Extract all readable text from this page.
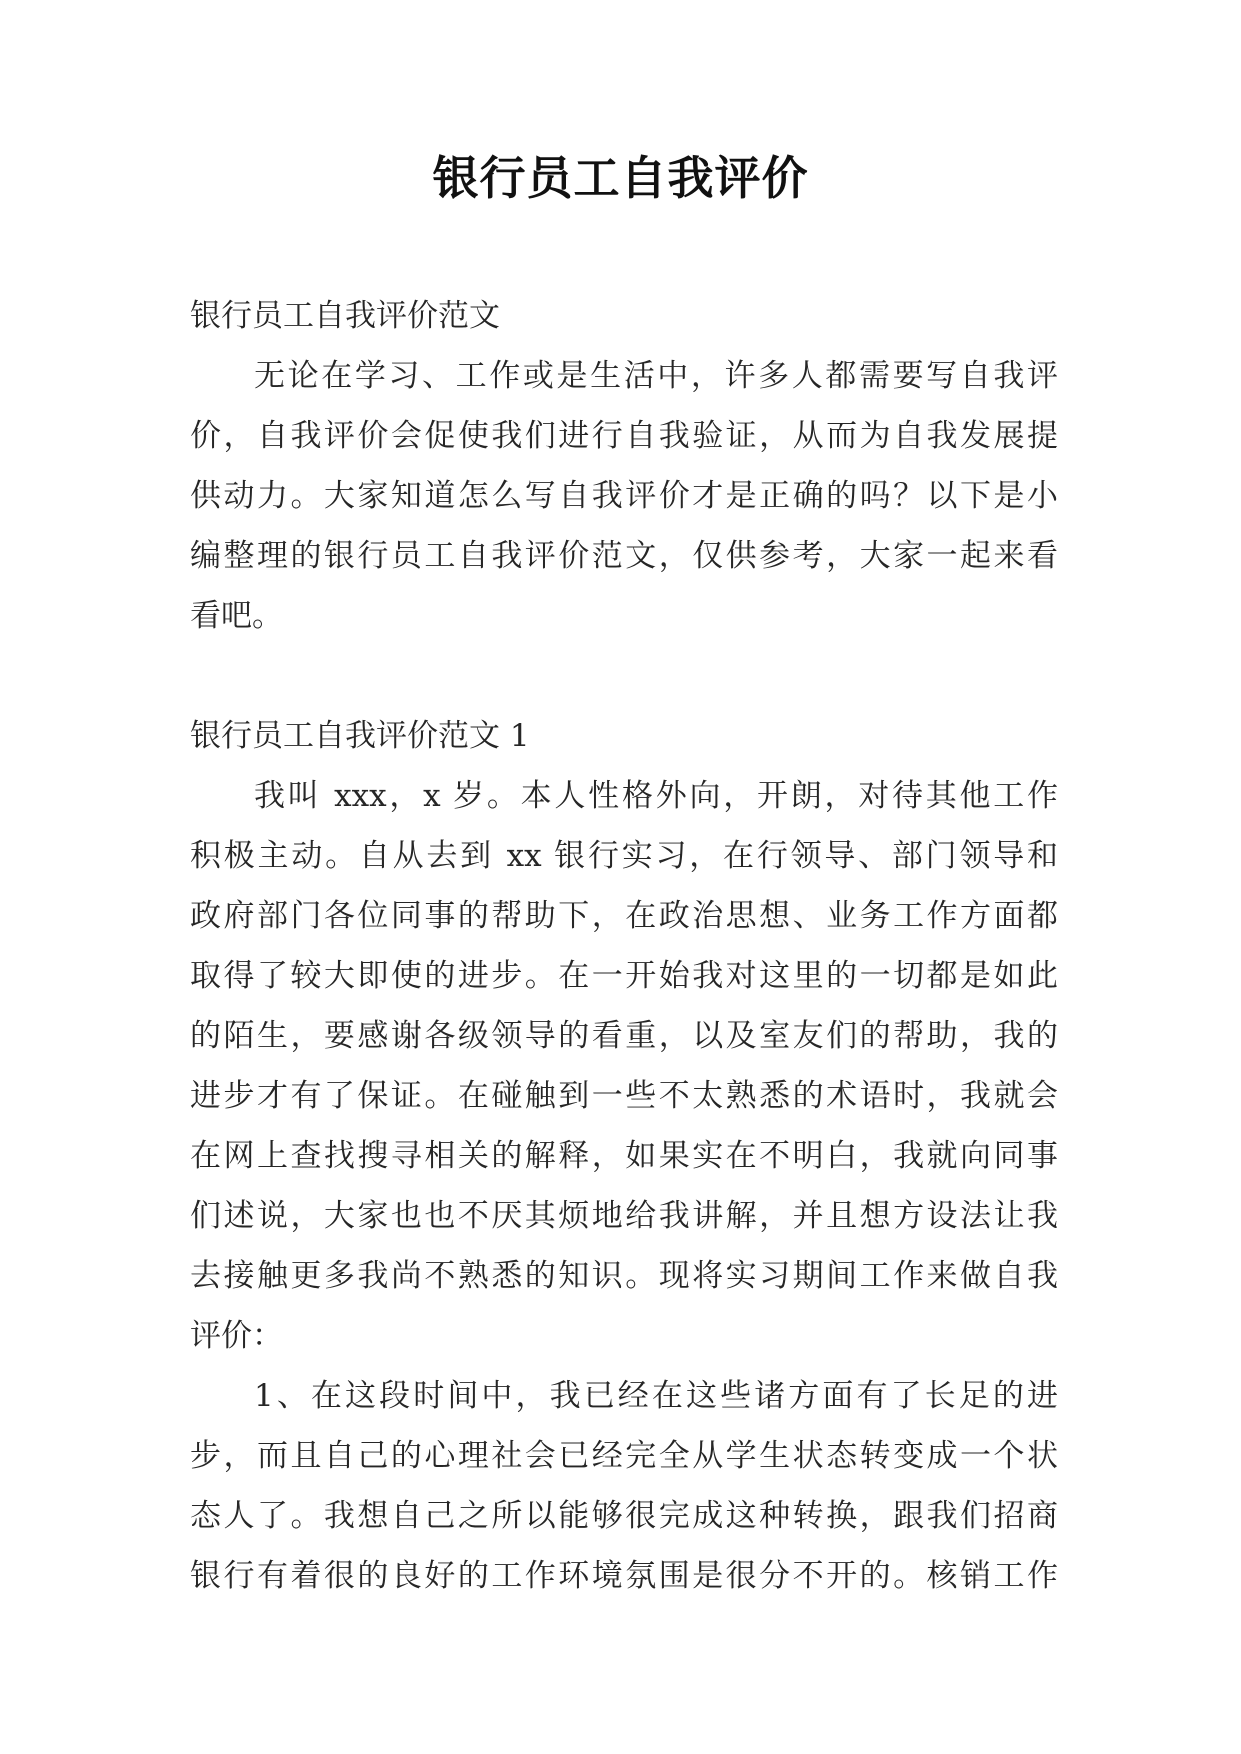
银行员工自我评价
银行员工自我评价范文
无论在学习、工作或是生活中，许多人都需要写自我评
价，自我评价会促使我们进行自我验证，从而为自我发展提
供动力。大家知道怎么写自我评价才是正确的吗？以下是小
编整理的银行员工自我评价范文，仅供参考，大家一起来看
看吧。
银行员工自我评价范文 1
我叫 xxx，x 岁。本人性格外向，开朗，对待其他工作
积极主动。自从去到 xx 银行实习，在行领导、部门领导和
政府部门各位同事的帮助下，在政治思想、业务工作方面都
取得了较大即使的进步。在一开始我对这里的一切都是如此
的陌生，要感谢各级领导的看重，以及室友们的帮助，我的
进步才有了保证。在碰触到一些不太熟悉的术语时，我就会
在网上查找搜寻相关的解释，如果实在不明白，我就向同事
们述说，大家也也不厌其烦地给我讲解，并且想方设法让我
去接触更多我尚不熟悉的知识。现将实习期间工作来做自我
评价：
1、在这段时间中，我已经在这些诸方面有了长足的进
步，而且自己的心理社会已经完全从学生状态转变成一个状
态人了。我想自己之所以能够很完成这种转换，跟我们招商
银行有着很的良好的工作环境氛围是很分不开的。核销工作
